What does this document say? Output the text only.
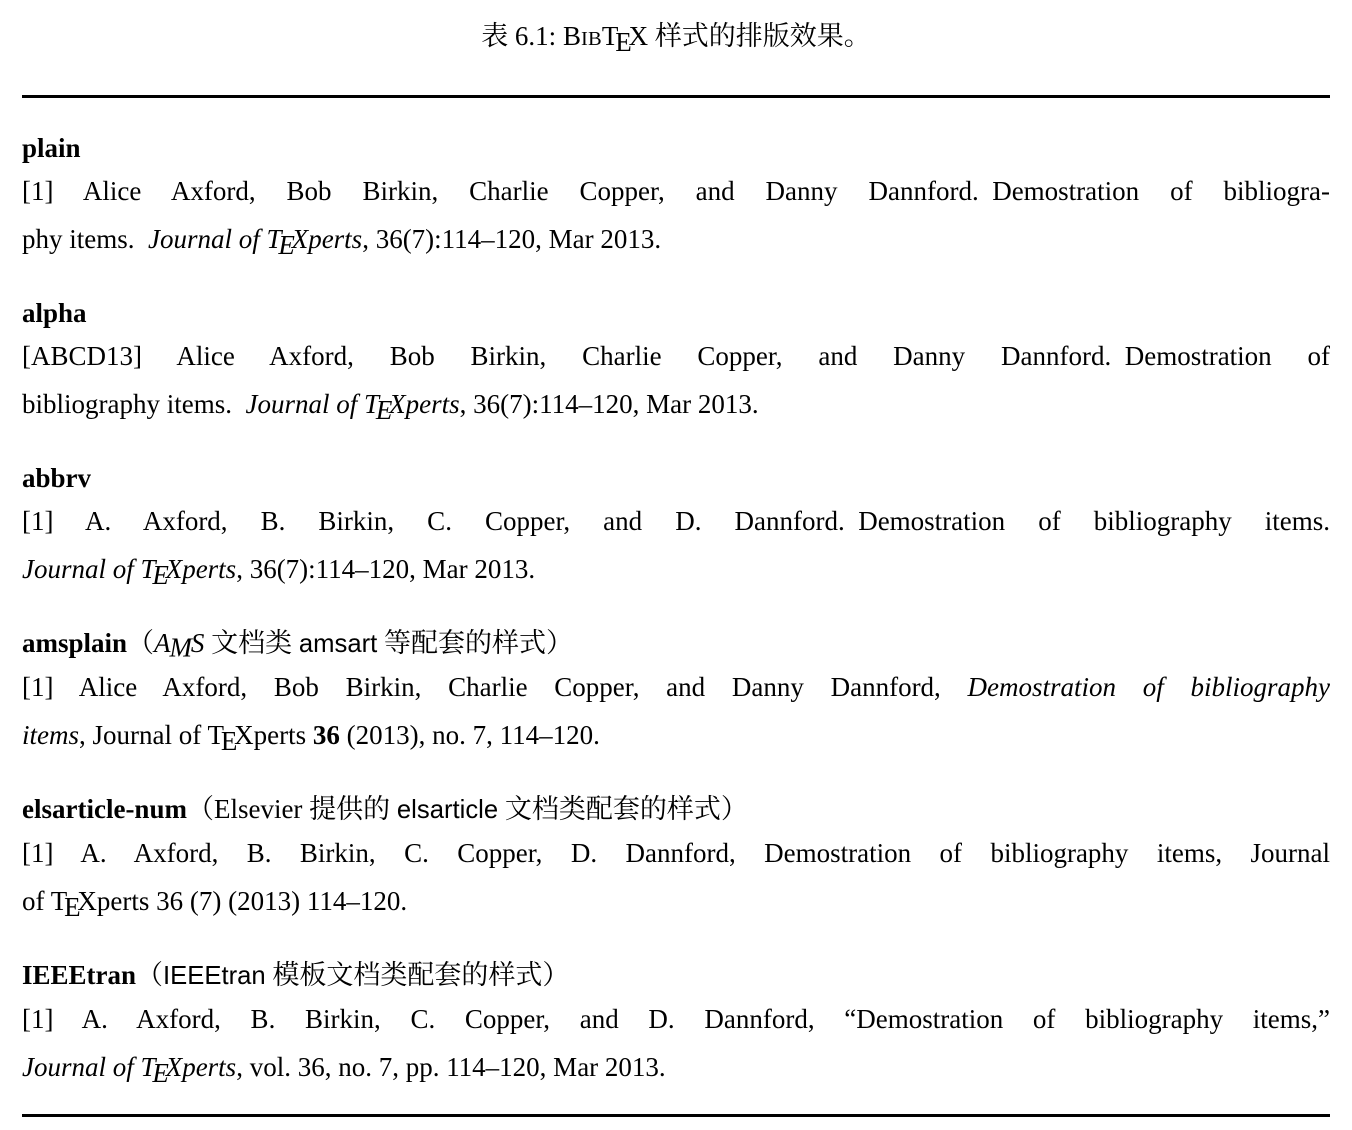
表 6.1: BIBTEX 样式的排版效果。
plain
[1] Alice Axford, Bob Birkin, Charlie Copper, and Danny Dannford. Demostration of bibliogra-
phy items. Journal of TEXperts, 36(7):114–120, Mar 2013.
alpha
[ABCD13] Alice Axford, Bob Birkin, Charlie Copper, and Danny Dannford. Demostration of
bibliography items. Journal of TEXperts, 36(7):114–120, Mar 2013.
abbrv
[1] A. Axford, B. Birkin, C. Copper, and D. Dannford. Demostration of bibliography items.
Journal of TEXperts, 36(7):114–120, Mar 2013.
amsplain（AMS 文档类 amsart 等配套的样式）
[1] Alice Axford, Bob Birkin, Charlie Copper, and Danny Dannford, Demostration of bibliography
items, Journal of TEXperts 36 (2013), no. 7, 114–120.
elsarticle-num（Elsevier 提供的 elsarticle 文档类配套的样式）
[1] A. Axford, B. Birkin, C. Copper, D. Dannford, Demostration of bibliography items, Journal
of TEXperts 36 (7) (2013) 114–120.
IEEEtran（IEEEtran 模板文档类配套的样式）
[1] A. Axford, B. Birkin, C. Copper, and D. Dannford, “Demostration of bibliography items,”
Journal of TEXperts, vol. 36, no. 7, pp. 114–120, Mar 2013.
